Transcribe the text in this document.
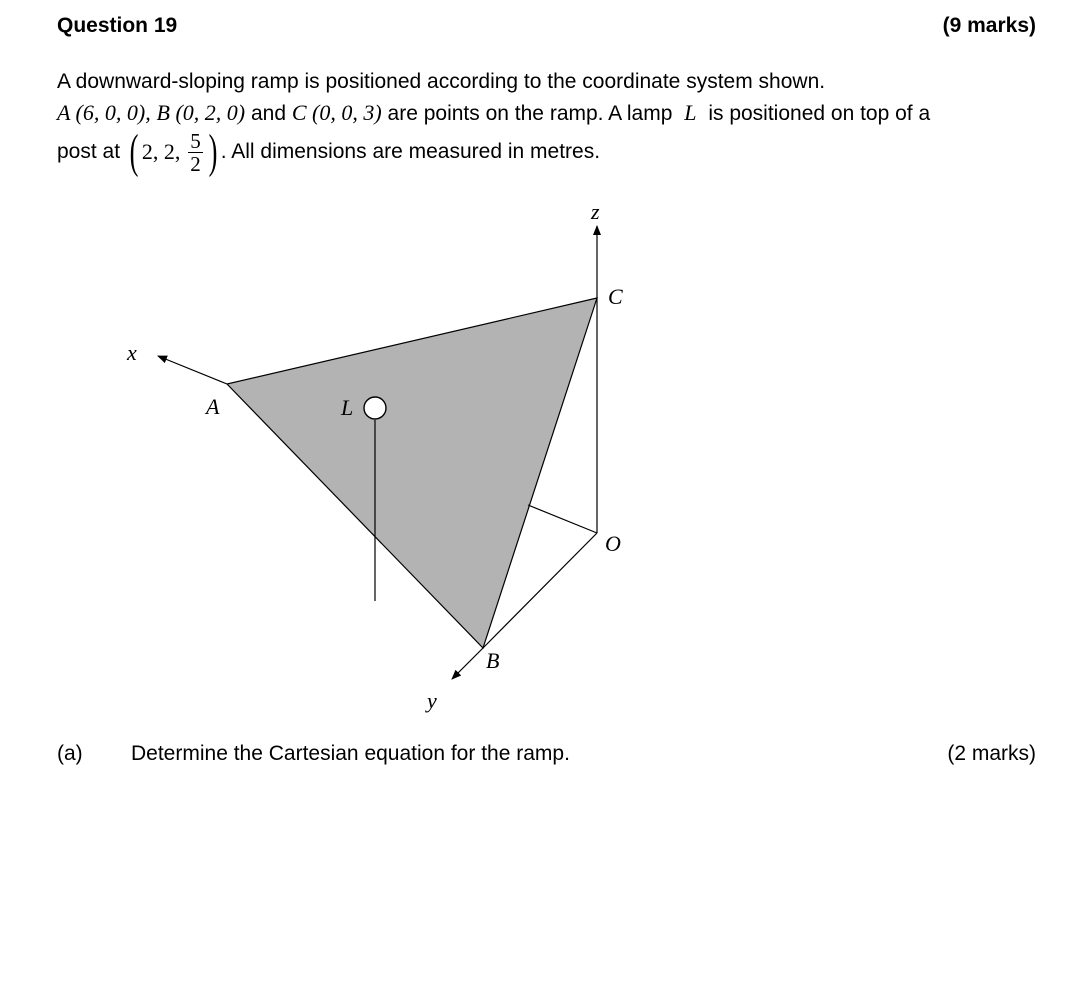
Question 19	(9 marks)
A downward-sloping ramp is positioned according to the coordinate system shown.
A (6, 0, 0), B (0, 2, 0) and C (0, 0, 3) are points on the ramp. A lamp L is positioned on top of a
post at ( 2, 2, $\frac{5}{2}$ ) . All dimensions are measured in metres.
z
x
y
A
B
C
O
L
(a) Determine the Cartesian equation for the ramp.	(2 marks)
